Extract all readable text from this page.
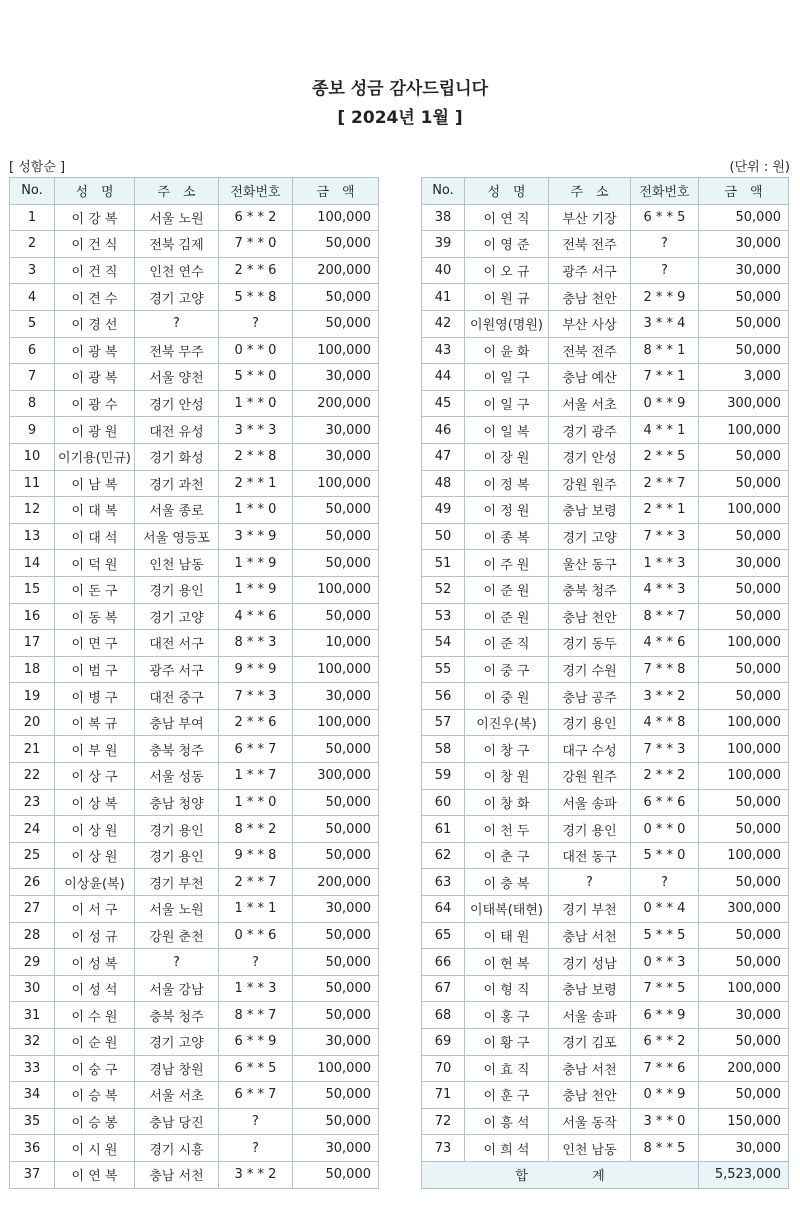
종보 성금 감사드립니다
[ 2024년 1월 ]
[ 성함순 ]	(단위 : 원)
No.	성　명	주　소	전화번호	금　액
1	이 강 복	서울 노원	6 * * 2	100,000
2	이 건 식	전북 김제	7 * * 0	50,000
3	이 건 직	인천 연수	2 * * 6	200,000
4	이 견 수	경기 고양	5 * * 8	50,000
5	이 경 선	?	?	50,000
6	이 광 복	전북 무주	0 * * 0	100,000
7	이 광 복	서울 양천	5 * * 0	30,000
8	이 광 수	경기 안성	1 * * 0	200,000
9	이 광 원	대전 유성	3 * * 3	30,000
10	이기용(민규)	경기 화성	2 * * 8	30,000
11	이 남 복	경기 과천	2 * * 1	100,000
12	이 대 복	서울 종로	1 * * 0	50,000
13	이 대 석	서울 영등포	3 * * 9	50,000
14	이 덕 원	인천 남동	1 * * 9	50,000
15	이 돈 구	경기 용인	1 * * 9	100,000
16	이 동 복	경기 고양	4 * * 6	50,000
17	이 면 구	대전 서구	8 * * 3	10,000
18	이 범 구	광주 서구	9 * * 9	100,000
19	이 병 구	대전 중구	7 * * 3	30,000
20	이 복 규	충남 부여	2 * * 6	100,000
21	이 부 원	충북 청주	6 * * 7	50,000
22	이 상 구	서울 성동	1 * * 7	300,000
23	이 상 복	충남 청양	1 * * 0	50,000
24	이 상 원	경기 용인	8 * * 2	50,000
25	이 상 원	경기 용인	9 * * 8	50,000
26	이상윤(복)	경기 부천	2 * * 7	200,000
27	이 서 구	서울 노원	1 * * 1	30,000
28	이 성 규	강원 춘천	0 * * 6	50,000
29	이 성 복	?	?	50,000
30	이 성 석	서울 강남	1 * * 3	50,000
31	이 수 원	충북 청주	8 * * 7	50,000
32	이 순 원	경기 고양	6 * * 9	30,000
33	이 숭 구	경남 창원	6 * * 5	100,000
34	이 승 복	서울 서초	6 * * 7	50,000
35	이 승 봉	충남 당진	?	50,000
36	이 시 원	경기 시흥	?	30,000
37	이 연 복	충남 서천	3 * * 2	50,000
No.	성　명	주　소	전화번호	금　액
38	이 연 직	부산 기장	6 * * 5	50,000
39	이 영 준	전북 전주	?	30,000
40	이 오 규	광주 서구	?	30,000
41	이 원 규	충남 천안	2 * * 9	50,000
42	이원영(명원)	부산 사상	3 * * 4	50,000
43	이 윤 화	전북 전주	8 * * 1	50,000
44	이 일 구	충남 예산	7 * * 1	3,000
45	이 일 구	서울 서초	0 * * 9	300,000
46	이 일 복	경기 광주	4 * * 1	100,000
47	이 장 원	경기 안성	2 * * 5	50,000
48	이 정 복	강원 원주	2 * * 7	50,000
49	이 정 원	충남 보령	2 * * 1	100,000
50	이 종 복	경기 고양	7 * * 3	50,000
51	이 주 원	울산 동구	1 * * 3	30,000
52	이 준 원	충북 청주	4 * * 3	50,000
53	이 준 원	충남 천안	8 * * 7	50,000
54	이 준 직	경기 동두	4 * * 6	100,000
55	이 중 구	경기 수원	7 * * 8	50,000
56	이 중 원	충남 공주	3 * * 2	50,000
57	이진우(복)	경기 용인	4 * * 8	100,000
58	이 창 구	대구 수성	7 * * 3	100,000
59	이 창 원	강원 원주	2 * * 2	100,000
60	이 창 화	서울 송파	6 * * 6	50,000
61	이 천 두	경기 용인	0 * * 0	50,000
62	이 춘 구	대전 동구	5 * * 0	100,000
63	이 충 복	?	?	50,000
64	이태복(태현)	경기 부천	0 * * 4	300,000
65	이 태 원	충남 서천	5 * * 5	50,000
66	이 현 복	경기 성남	0 * * 3	50,000
67	이 형 직	충남 보령	7 * * 5	100,000
68	이 홍 구	서울 송파	6 * * 9	30,000
69	이 황 구	경기 김포	6 * * 2	50,000
70	이 효 직	충남 서천	7 * * 6	200,000
71	이 훈 구	충남 천안	0 * * 9	50,000
72	이 흥 석	서울 동작	3 * * 0	150,000
73	이 희 석	인천 남동	8 * * 5	30,000
합 계				5,523,000
